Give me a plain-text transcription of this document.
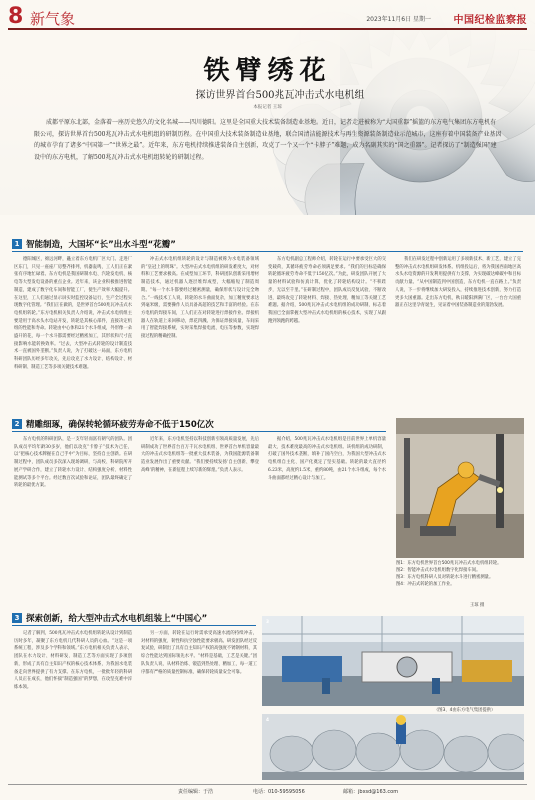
8 新气象	2023年11月6日 星期一 中国纪检监察报
铁臂绣花
探访世界首台500兆瓦冲击式水电机组
本报记者 王琼
成都平原东北部，金落着一座历史悠久的文化名城——四川德阳。这里是全国重大技术装备制造业基地。近日，记者走进被称为“大国重器”摇篮的东方电气集团东方电机有限公司，探访世界首台500兆瓦冲击式水电机组的研制历程。在中国重大技术装备制造业基地，联合国清洁能源技术与再生资源装备制造业示范城市，这座有着中国装备产业基因的城市孕育了诸多“中国第一”“世界之最”。近年来，东方电机持续推进装备自主创新，攻克了一个又一个“卡脖子”难题，成为名副其实的“国之重器”。记者探访了“制造强国”建设中的东方电机，了解500兆瓦冲击式水电机组转轮的研制过程。
1 智能制造，大国坏“长”出水斗型“花瓣”

德阳城区，绵远河畔，矗立着东方电机厂区大门。走进厂区东门，只见一座座厂房整齐排列，机器轰鸣，工人们正在紧张有序地忙碌着。东方电机是我国研制水电、汽轮发电机、核电等大型发电设备的重点企业。近年来，该企业积极推进智能制造，建成了数字化车间和智能工厂，使生产效率大幅提升。在这里，工人们通过显示屏实时监控设备运行，生产全过程实现数字化管理。“我们正在做的，是世界首台500兆瓦冲击式水电机组转轮。”东方电机相关负责人介绍说，冲击式水电机组主要适用于高水头水电站开发，转轮是其核心部件，直接决定机组的性能和寿命。转轮由中心体和21个水斗组成，外形像一朵盛开的花，每一个水斗都需要经过精密加工，其形状和尺寸直接影响水能转换效率。“过去，大型冲击式转轮的设计制造技术一直被国外垄断。”负责人说，为了打破这一局面，东方电机科研团队历经多年攻关，先后攻克了水力设计、结构设计、材料研制、制造工艺等多项关键技术难题。

冲击式水电机组转轮的设计与制造被称为水电装备领域的“皇冠上的明珠”。大型冲击式水电机组的研发难度大，对材料和工艺要求极高。在成型加工环节，科研团队创新采用增材制造技术，通过机器人逐层堆焊成型，大幅缩短了制造周期。“每一个水斗都要经过精密测量，确保形状与设计完全吻合。”一线技术工人说，转轮的水斗曲面复杂，加工精度要求达到毫米级，需要操作人员具备高超的技艺和丰富的经验。在东方电机的焊接车间，工人们正在对转轮进行焊接作业。焊接机器人在轨道上来回移动，焊花四溅。为保证焊接质量，车间采用了智能焊接系统，实时采集焊接电流、电压等参数，实现焊接过程的精确控制。

东方电机副总工程师介绍，转轮在运行中要承受巨大的交变载荷，其循环疲劳寿命必须满足要求。“我们的目标是确保转轮循环疲劳寿命不低于150亿次。”为此，研发团队开展了大量的材料试验和仿真计算，优化了转轮结构设计。“不积跬步，无以至千里。”在研制过程中，团队成员反复试验、不断改进，最终攻克了转轮材料、焊接、热处理、精加工等关键工艺难题。据介绍，500兆瓦冲击式水电机组的成功研制，标志着我国已全面掌握大型冲击式水电机组的核心技术，实现了从跟跑到领跑的跨越。

我们在研发过程中创新运用了多项新技术、新工艺，建立了完整的冲击式水电机组研发体系。机组投运后，将为我国西南地区高水头水电资源的开发利用提供有力支撑，为实现碳达峰碳中和目标贡献力量。“从中国制造到中国创造，东方电机一直在路上。”负责人说，下一步将继续加大研发投入，持续推进技术创新，努力打造更多大国重器。走出东方电机，秋日暖阳洒满厂区，一台台大国重器正在这里孕育诞生，见证着中国装备制造业的蓬勃发展。

2 精雕细琢，确保转轮循环疲劳寿命不低于150亿次

东方电机的科研团队，是一支年轻而富有朝气的团队。团队成员平均年龄30多岁，他们以攻克“卡脖子”技术为己任，以“把核心技术牌握在自己手中”为目标，坚持自主创新。在研制过程中，团队成员多次深入现场调研，与高校、科研院所开展产学研合作，建立了转轮水力设计、结构强度分析、材料性能测试等多个平台。经过数百次试验和论证，团队最终确定了转轮的最优方案。

近年来，东方电机坚持以科技创新引领高质量发展，先后研制成功了世界首台百万千瓦水电机组、世界首台单机容量最大的冲击式水电机组等一批重大技术装备，为我国能源装备制造业发展作出了重要贡献。“我们要持续发扬‘自主创新、攀登高峰’的精神，在新征程上续写新的辉煌。”负责人表示。

据介绍，500兆瓦冲击式水电机组是目前世界上单机容量最大、技术难度最高的冲击式水电机组。该机组的成功研制，打破了国外技术垄断，填补了国内空白，为我国大型冲击式水电机组自主化、国产化奠定了坚实基础。转轮的最大直径约6.23米，高度约1.5米，重约80吨，由21个水斗组成，每个水斗曲面都经过精心设计与加工。

图1：东方电机世界首台500兆瓦冲击式水电机组转轮。
图2：智能冲击式水电机组数字化焊接车间。
图3：东方电机科研人员对转轮水斗进行精密测量。
图4：冲击式转轮的加工作业。
王琼 摄
（图3、4由东方电气集团提供）
3 探索创新，给大型冲击式水电机组装上“中国心”

记者了解到，500兆瓦冲击式水电机组转轮从设计到制造历时多年，凝聚了东方电机几代科研人员的心血。“这是一项系统工程，涉及多个学科和领域。”东方电机相关负责人表示，团队在水力设计、材料研发、制造工艺等方面实现了多项创新，形成了具有自主知识产权的核心技术体系，为我国水电装备走向世界提供了有力支撑。在东方电机，一批批年轻的科研人员正在成长，他们怀揣“制造强国”的梦想，在攻坚克难中淬炼本领。

另一方面，转轮在运行时需承受高速水流的持续冲击，对材料的强度、韧性和抗空蚀性能要求极高。研发团队经过反复试验，研制出了具有自主知识产权的高强度不锈钢材料，其综合性能达到国际领先水平。“材料是基础，工艺是关键。”团队负责人说，从材料冶炼、锻造到热处理、精加工，每一道工序都有严格的质量控制标准，确保转轮质量安全可靠。

4
3
责任编辑：于浩	电话：010-59595056	邮箱：jbxsd@163.com
